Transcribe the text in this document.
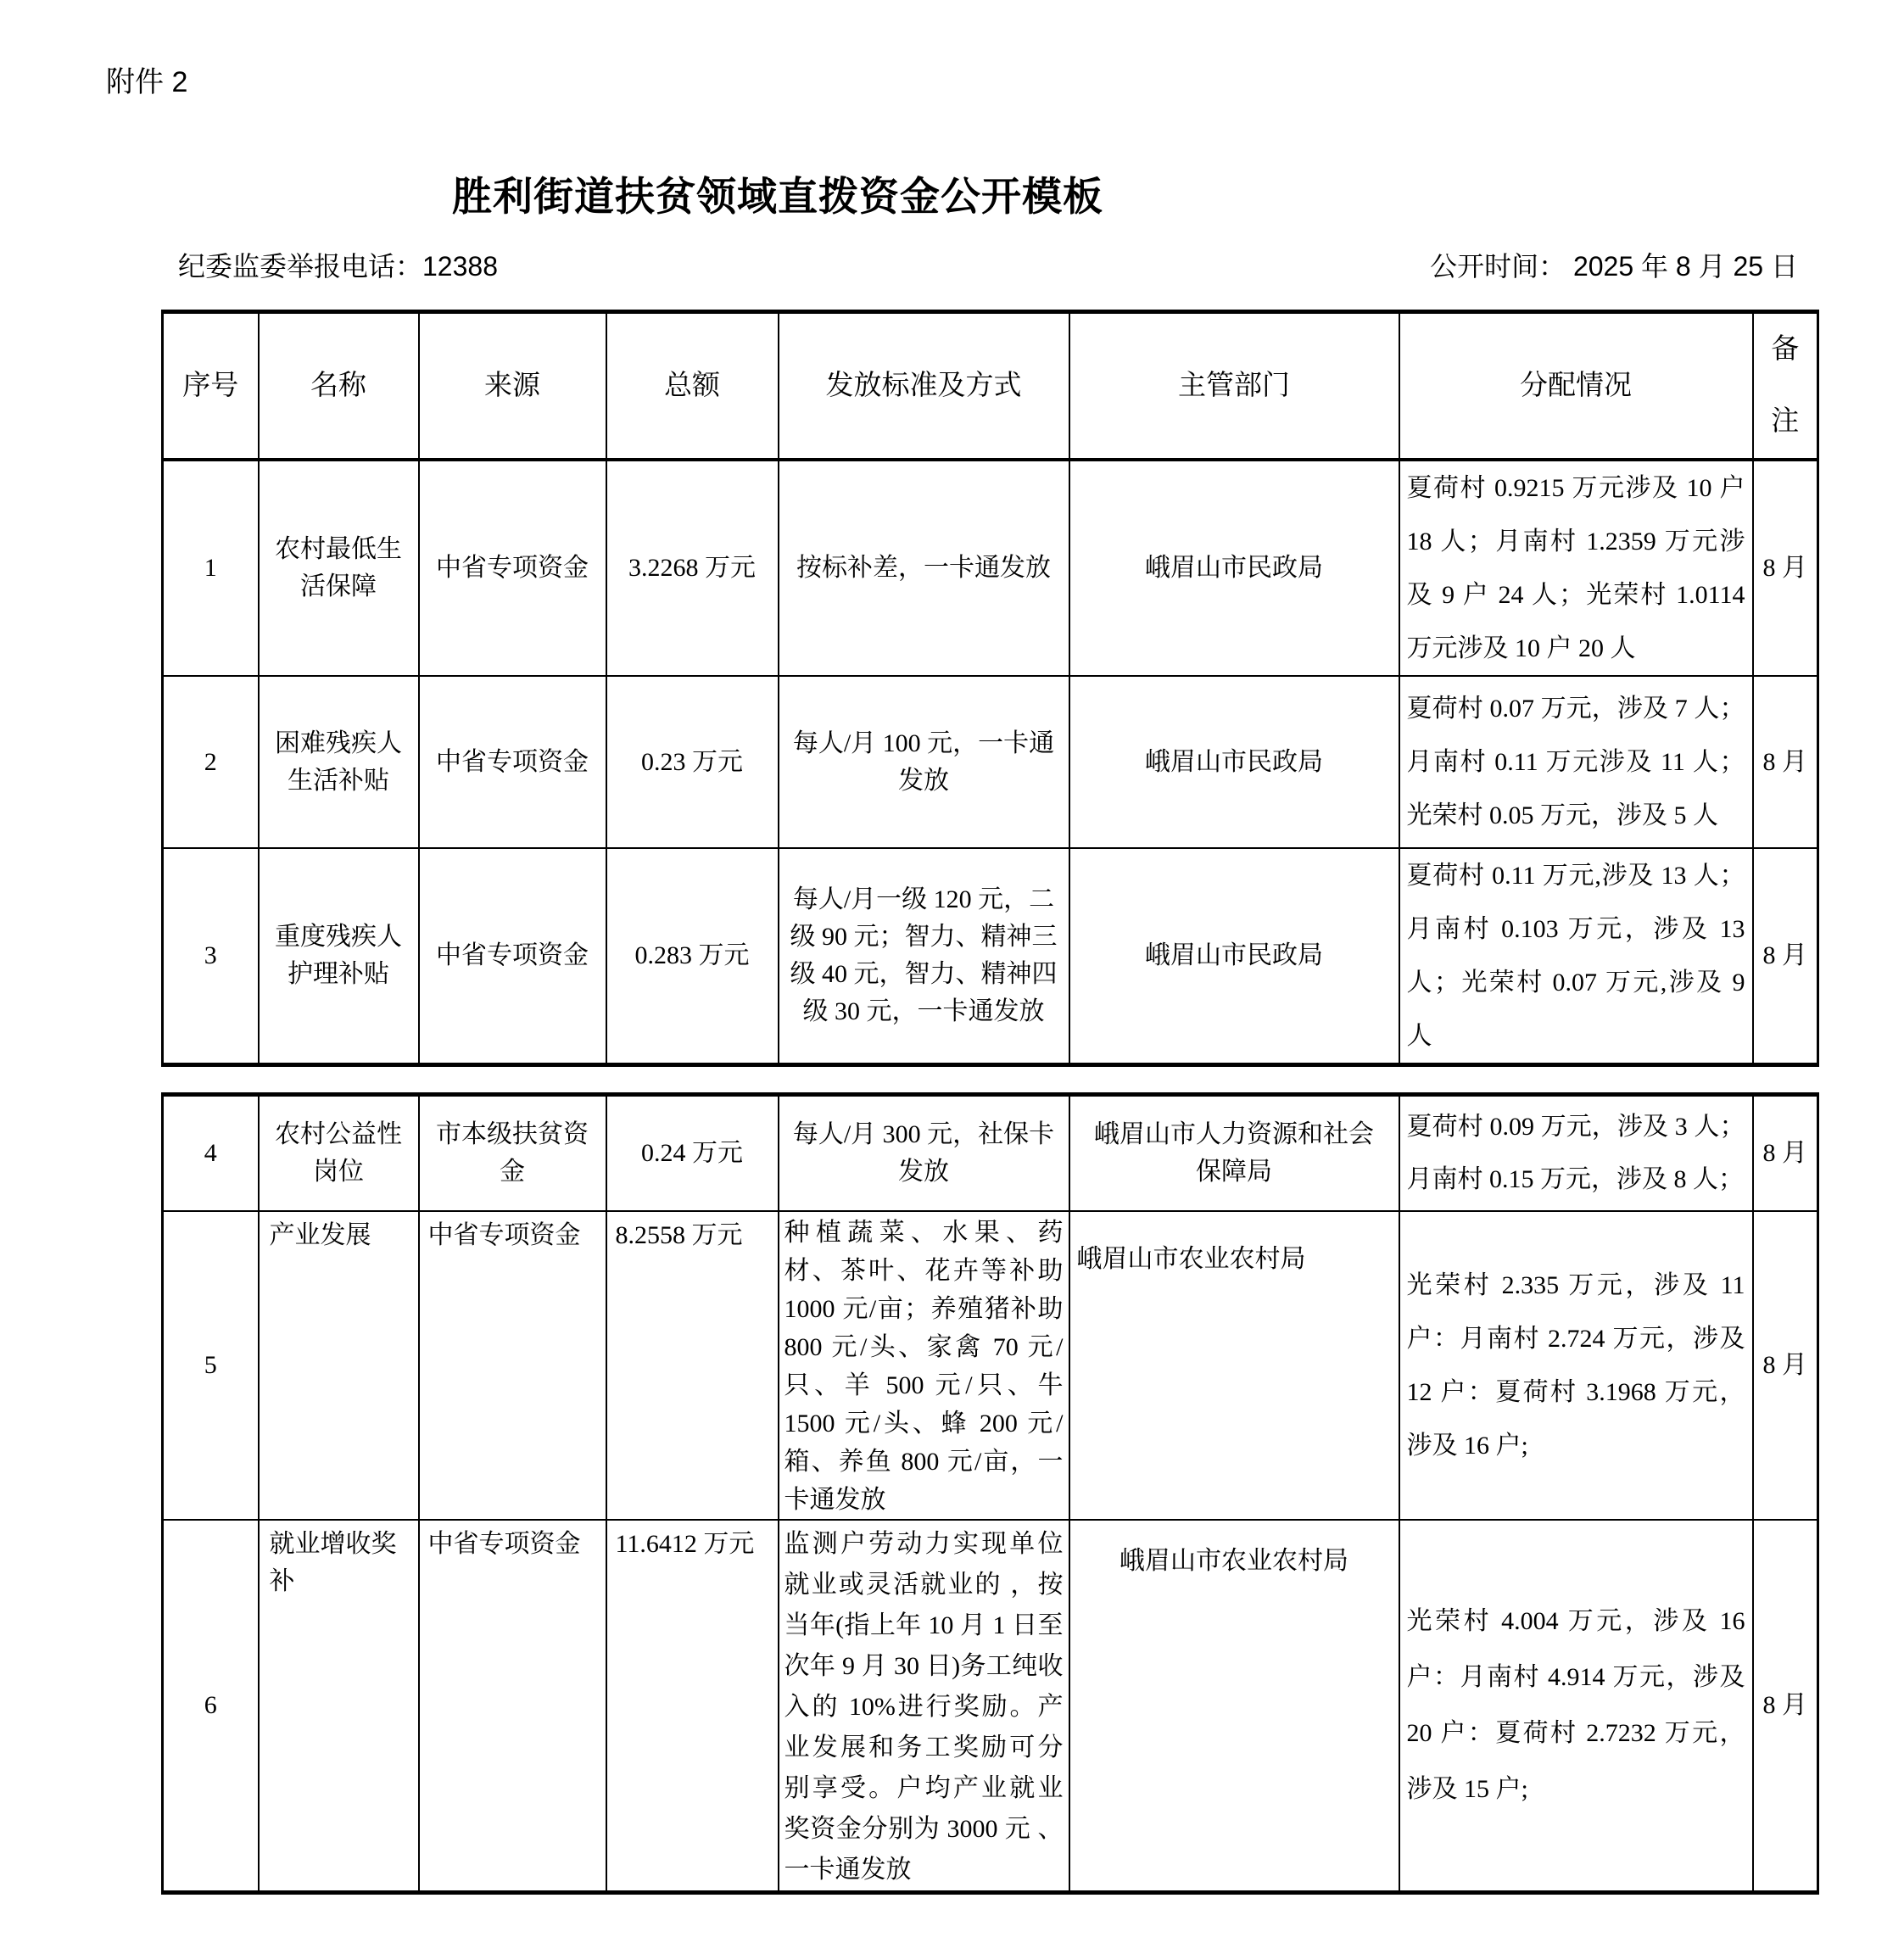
附件 2
胜利街道扶贫领域直拨资金公开模板
纪委监委举报电话：12388	公开时间： 2025 年 8 月 25 日
序号	名称	来源	总额	发放标准及方式	主管部门	分配情况	备注

1	农村最低生活保障	中省专项资金	3.2268 万元	按标补差，一卡通发放	峨眉山市民政局	夏荷村 0.9215 万元涉及 10 户 18 人；月南村 1.2359 万元涉及 9 户 24 人；光荣村 1.0114 万元涉及 10 户 20 人	8 月
2	困难残疾人生活补贴	中省专项资金	0.23 万元	每人/月 100 元，一卡通发放	峨眉山市民政局	夏荷村 0.07 万元，涉及 7 人；月南村 0.11 万元涉及 11 人；光荣村 0.05 万元，涉及 5 人	8 月
3	重度残疾人护理补贴	中省专项资金	0.283 万元	每人/月一级 120 元，二级 90 元；智力、精神三级 40 元，智力、精神四级 30 元，一卡通发放	峨眉山市民政局	夏荷村 0.11 万元,涉及 13 人；月南村 0.103 万元，涉及 13 人；光荣村 0.07 万元,涉及 9 人	8 月
4	农村公益性岗位	市本级扶贫资金	0.24 万元	每人/月 300 元，社保卡发放	峨眉山市人力资源和社会保障局	夏荷村 0.09 万元，涉及 3 人；月南村 0.15 万元，涉及 8 人；	8 月
5	产业发展	中省专项资金	8.2558 万元	种植蔬菜、水果、药材、茶叶、花卉等补助 1000 元/亩；养殖猪补助 800 元/头、家禽 70 元/只、羊 500 元/只、牛 1500 元/头、蜂 200 元/箱、养鱼 800 元/亩，一卡通发放	峨眉山市农业农村局	光荣村 2.335 万元，涉及 11 户：月南村 2.724 万元，涉及 12 户：夏荷村 3.1968 万元，涉及 16 户;	8 月
6	就业增收奖补	中省专项资金	11.6412 万元	监测户劳动力实现单位就业或灵活就业的 ，按当年(指上年 10 月 1 日至次年 9 月 30 日)务工纯收入的 10%进行奖励。产业发展和务工奖励可分别享受。户均产业就业奖资金分别为 3000 元 、一卡通发放	峨眉山市农业农村局	光荣村 4.004 万元，涉及 16 户：月南村 4.914 万元，涉及 20 户：夏荷村 2.7232 万元，涉及 15 户;	8 月
